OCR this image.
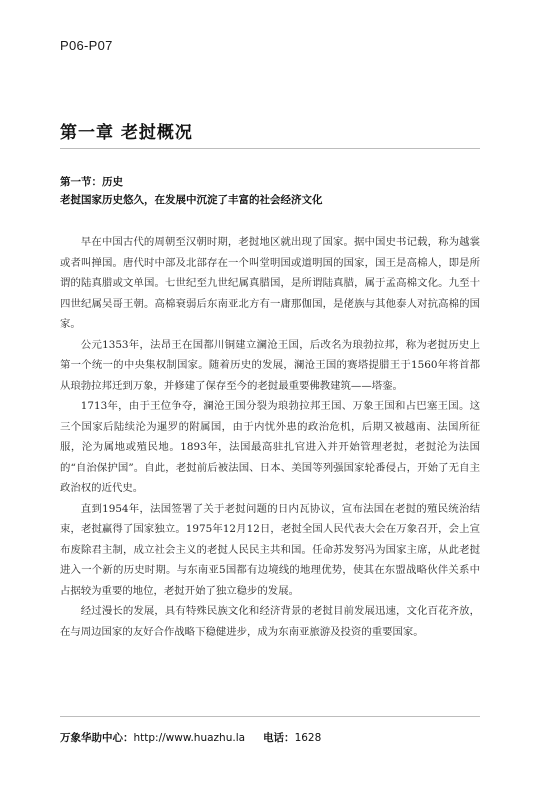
P06-P07
第一章 老挝概况
第一节：历史
老挝国家历史悠久，在发展中沉淀了丰富的社会经济文化

早在中国古代的周朝至汉朝时期，老挝地区就出现了国家。据中国史书记载，称为越裳或者叫掸国。唐代时中部及北部存在一个叫堂明国或道明国的国家，国王是高棉人，即是所谓的陆真腊或文单国。七世纪至九世纪属真腊国，是所谓陆真腊，属于孟高棉文化。九至十四世纪属吴哥王朝。高棉衰弱后东南亚北方有一庸那伽国，是佬族与其他泰人对抗高棉的国家。

公元1353年，法昂王在国都川铜建立澜沧王国，后改名为琅勃拉邦，称为老挝历史上第一个统一的中央集权制国家。随着历史的发展，澜沧王国的赛塔提腊王于1560年将首都从琅勃拉邦迁到万象，并修建了保存至今的老挝最重要佛教建筑——塔銮。

1713年，由于王位争夺，澜沧王国分裂为琅勃拉邦王国、万象王国和占巴塞王国。这三个国家后陆续沦为暹罗的附属国，由于内忧外患的政治危机，后期又被越南、法国所征服，沦为属地或殖民地。1893年，法国最高驻扎官进入并开始管理老挝，老挝沦为法国的“自治保护国”。自此，老挝前后被法国、日本、美国等列强国家轮番侵占，开始了无自主政治权的近代史。

直到1954年，法国签署了关于老挝问题的日内瓦协议，宣布法国在老挝的殖民统治结束，老挝赢得了国家独立。1975年12月12日，老挝全国人民代表大会在万象召开，会上宣布废除君主制，成立社会主义的老挝人民民主共和国。任命苏发努冯为国家主席，从此老挝进入一个新的历史时期。与东南亚5国都有边境线的地理优势，使其在东盟战略伙伴关系中占据较为重要的地位，老挝开始了独立稳步的发展。

经过漫长的发展，具有特殊民族文化和经济背景的老挝目前发展迅速，文化百花齐放，在与周边国家的友好合作战略下稳健进步，成为东南亚旅游及投资的重要国家。

万象华助中心：http://www.huazhu.la 电话：1628
